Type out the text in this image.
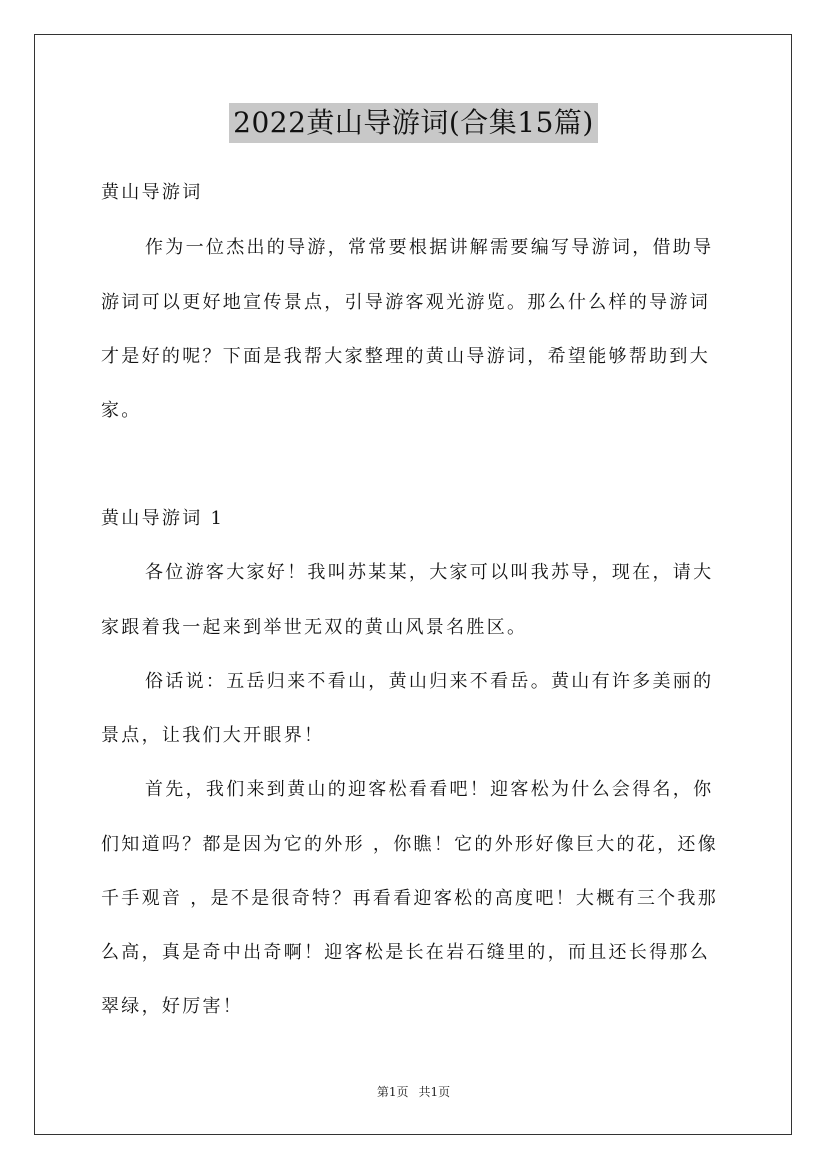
2022黄山导游词(合集15篇)
黄山导游词
作为一位杰出的导游，常常要根据讲解需要编写导游词，借助导
游词可以更好地宣传景点，引导游客观光游览。那么什么样的导游词
才是好的呢？下面是我帮大家整理的黄山导游词，希望能够帮助到大
家。
黄山导游词 1
各位游客大家好！我叫苏某某，大家可以叫我苏导，现在，请大
家跟着我一起来到举世无双的黄山风景名胜区。
俗话说：五岳归来不看山，黄山归来不看岳。黄山有许多美丽的
景点，让我们大开眼界！
首先，我们来到黄山的迎客松看看吧！迎客松为什么会得名，你
们知道吗？都是因为它的外形 ，你瞧！它的外形好像巨大的花，还像
千手观音 ，是不是很奇特？再看看迎客松的高度吧！大概有三个我那
么高，真是奇中出奇啊！迎客松是长在岩石缝里的，而且还长得那么
翠绿，好厉害！
第1页 共1页
